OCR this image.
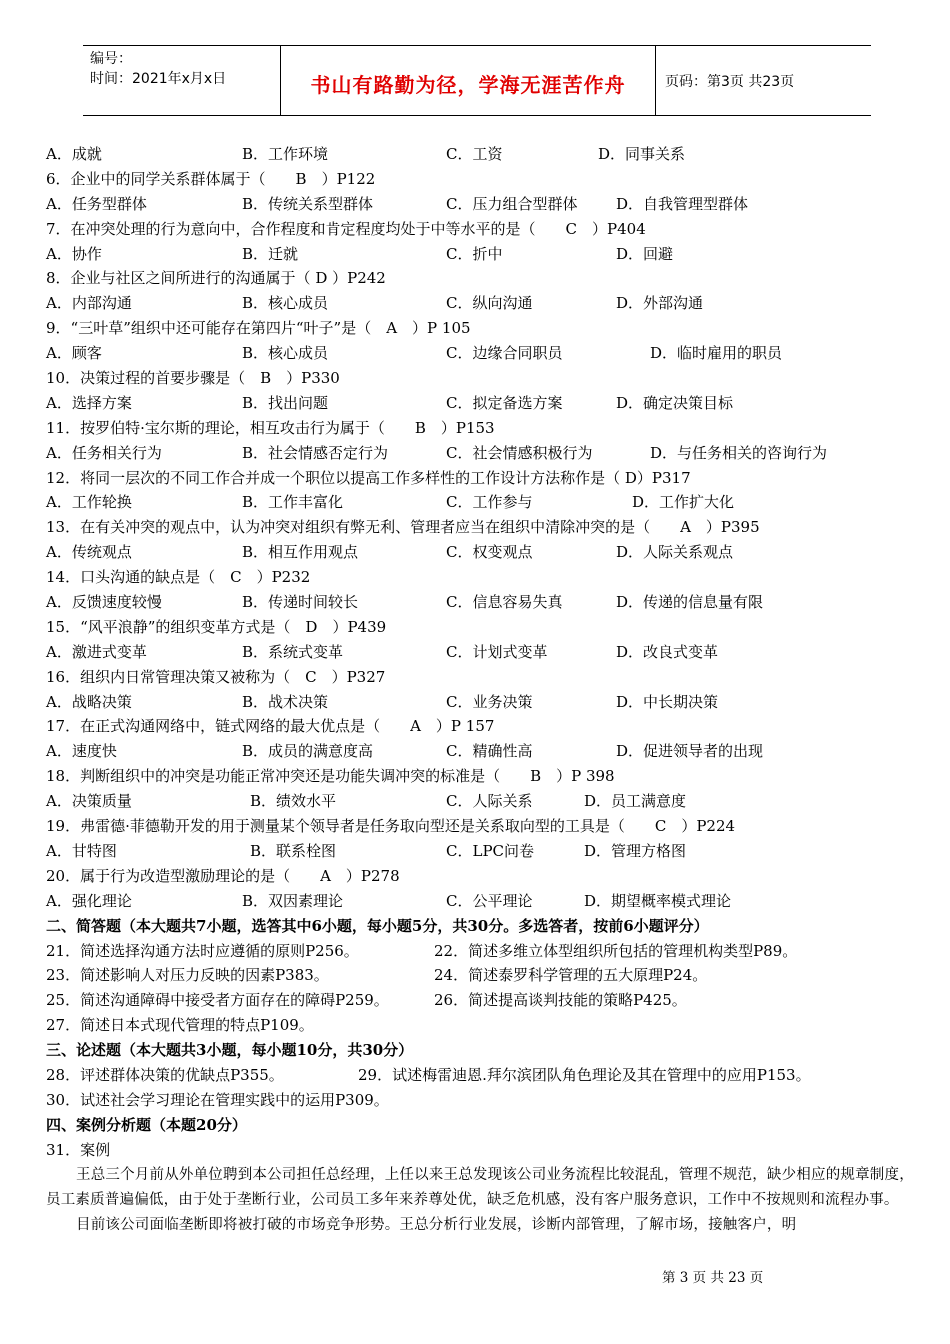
编号：
时间：2021年x月x日	书山有路勤为径，学海无涯苦作舟	页码：第3页 共23页
A．成就	B．工作环境	C．工资	D．同事关系
6．企业中的同学关系群体属于（　　B　）P122
A．任务型群体	B．传统关系型群体	C．压力组合型群体	D．自我管理型群体
7．在冲突处理的行为意向中，合作程度和肯定程度均处于中等水平的是（　　C　）P404
A．协作	B．迁就	C．折中	D．回避
8．企业与社区之间所进行的沟通属于（ D ）P242
A．内部沟通	B．核心成员	C．纵向沟通	D．外部沟通
9．“三叶草”组织中还可能存在第四片“叶子”是（　A　）P 105
A．顾客	B．核心成员	C．边缘合同职员	D．临时雇用的职员
10．决策过程的首要步骤是（　B　）P330
A．选择方案	B．找出问题	C．拟定备选方案	D．确定决策目标
11．按罗伯特·宝尔斯的理论，相互攻击行为属于（　　B　）P153
A．任务相关行为	B．社会情感否定行为	C．社会情感积极行为	D．与任务相关的咨询行为
12．将同一层次的不同工作合并成一个职位以提高工作多样性的工作设计方法称作是（ D）P317
A．工作轮换	B．工作丰富化	C．工作参与	D．工作扩大化
13．在有关冲突的观点中，认为冲突对组织有弊无利、管理者应当在组织中清除冲突的是（　　A　）P395
A．传统观点	B．相互作用观点	C．权变观点	D．人际关系观点
14．口头沟通的缺点是（　C　）P232
A．反馈速度较慢	B．传递时间较长	C．信息容易失真	D．传递的信息量有限
15．“风平浪静”的组织变革方式是（　D　）P439
A．激进式变革	B．系统式变革	C．计划式变革	D．改良式变革
16．组织内日常管理决策又被称为（　C　）P327
A．战略决策	B．战术决策	C．业务决策	D．中长期决策
17．在正式沟通网络中，链式网络的最大优点是（　　A　）P 157
A．速度快	B．成员的满意度高	C．精确性高	D．促进领导者的出现
18．判断组织中的冲突是功能正常冲突还是功能失调冲突的标准是（　　B　）P 398
A．决策质量	B．绩效水平	C．人际关系	D．员工满意度
19．弗雷德·菲德勒开发的用于测量某个领导者是任务取向型还是关系取向型的工具是（　　C　）P224
A．甘特图	B．联系栓图	C．LPC问卷	D．管理方格图
20．属于行为改造型激励理论的是（　　A　）P278
A．强化理论	B．双因素理论	C．公平理论	D．期望概率模式理论
二、简答题（本大题共7小题，选答其中6小题，每小题5分，共30分。多选答者，按前6小题评分）
21．简述选择沟通方法时应遵循的原则P256。	22．简述多维立体型组织所包括的管理机构类型P89。
23．简述影响人对压力反映的因素P383。	24．简述泰罗科学管理的五大原理P24。
25．简述沟通障碍中接受者方面存在的障碍P259。	26．简述提高谈判技能的策略P425。
27．简述日本式现代管理的特点P109。
三、论述题（本大题共3小题，每小题10分，共30分）
28．评述群体决策的优缺点P355。	29．试述梅雷迪恩.拜尔滨团队角色理论及其在管理中的应用P153。
30．试述社会学习理论在管理实践中的运用P309。
四、案例分析题（本题20分）
31．案例
王总三个月前从外单位聘到本公司担任总经理，上任以来王总发现该公司业务流程比较混乱，管理不规范，缺少相应的规章制度，员工素质普遍偏低，由于处于垄断行业，公司员工多年来养尊处优，缺乏危机感，没有客户服务意识，工作中不按规则和流程办事。
目前该公司面临垄断即将被打破的市场竞争形势。王总分析行业发展，诊断内部管理，了解市场，接触客户，明
第 3 页 共 23 页
